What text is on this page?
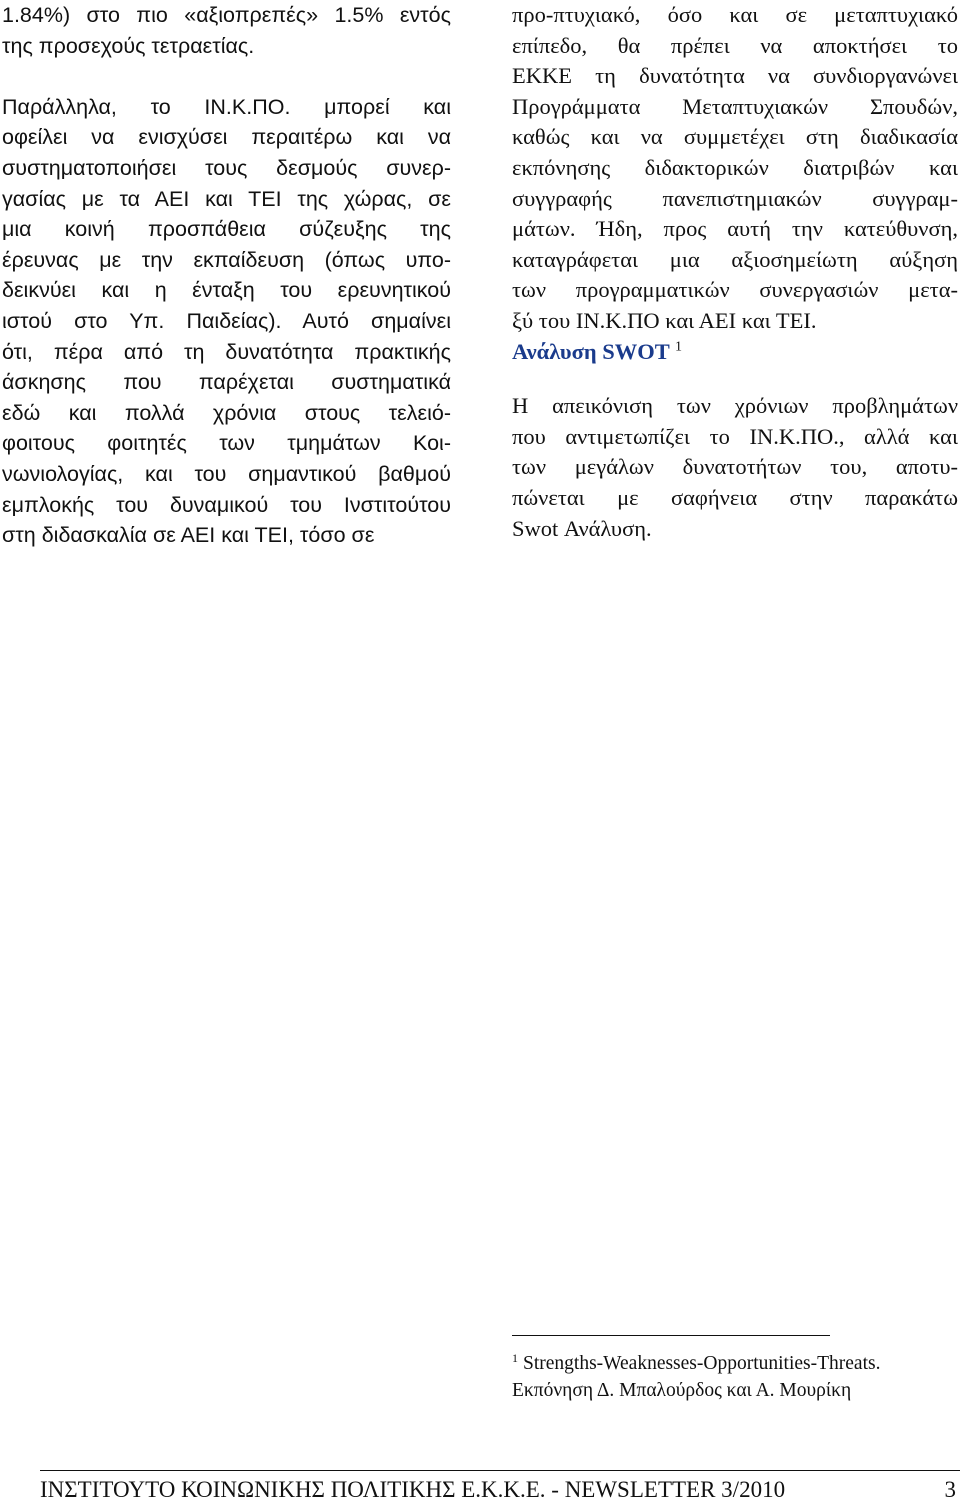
1.84%) στο πιο «αξιοπρεπές» 1.5% εντός

της προσεχούς τετραετίας.

Παράλληλα, το ΙΝ.Κ.ΠΟ. μπορεί και

οφείλει να ενισχύσει περαιτέρω και να

συστηματοποιήσει τους δεσμούς συνερ-

γασίας με τα ΑΕΙ και ΤΕΙ της χώρας, σε

μια κοινή προσπάθεια σύζευξης της

έρευνας με την εκπαίδευση (όπως υπο-

δεικνύει και η ένταξη του ερευνητικού

ιστού στο Υπ. Παιδείας). Αυτό σημαίνει

ότι, πέρα από τη δυνατότητα πρακτικής

άσκησης που παρέχεται συστηματικά

εδώ και πολλά χρόνια στους τελειό-

φοιτους φοιτητές των τμημάτων Κοι-

νωνιολογίας, και του σημαντικού βαθμού

εμπλοκής του δυναμικού του Ινστιτούτου

στη διδασκαλία σε ΑΕΙ και ΤΕΙ, τόσο σε

προ-πτυχιακό, όσο και σε μεταπτυχιακό

επίπεδο, θα πρέπει να αποκτήσει το

ΕΚΚΕ τη δυνατότητα να συνδιοργανώνει

Προγράμματα Μεταπτυχιακών Σπουδών,

καθώς και να συμμετέχει στη διαδικασία

εκπόνησης διδακτορικών διατριβών και

συγγραφής πανεπιστημιακών συγγραμ-

μάτων. Ήδη, προς αυτή την κατεύθυνση,

καταγράφεται μια αξιοσημείωτη αύξηση

των προγραμματικών συνεργασιών μετα-

ξύ του ΙΝ.Κ.ΠΟ και ΑΕΙ και ΤΕΙ.

Ανάλυση SWOT $^1$

Η απεικόνιση των χρόνιων προβλημάτων

που αντιμετωπίζει το ΙΝ.Κ.ΠΟ., αλλά και

των μεγάλων δυνατοτήτων του, αποτυ-

πώνεται με σαφήνεια στην παρακάτω

Swot Ανάλυση.

$^1$ Strengths-Weaknesses-Opportunities-Threats.

Εκπόνηση Δ. Μπαλούρδος και Α. Μουρίκη

ΙΝΣΤΙΤΟΥΤΟ ΚΟΙΝΩΝΙΚΗΣ ΠΟΛΙΤΙΚΗΣ Ε.Κ.Κ.Ε. - NEWSLETTER 3/2010	3
